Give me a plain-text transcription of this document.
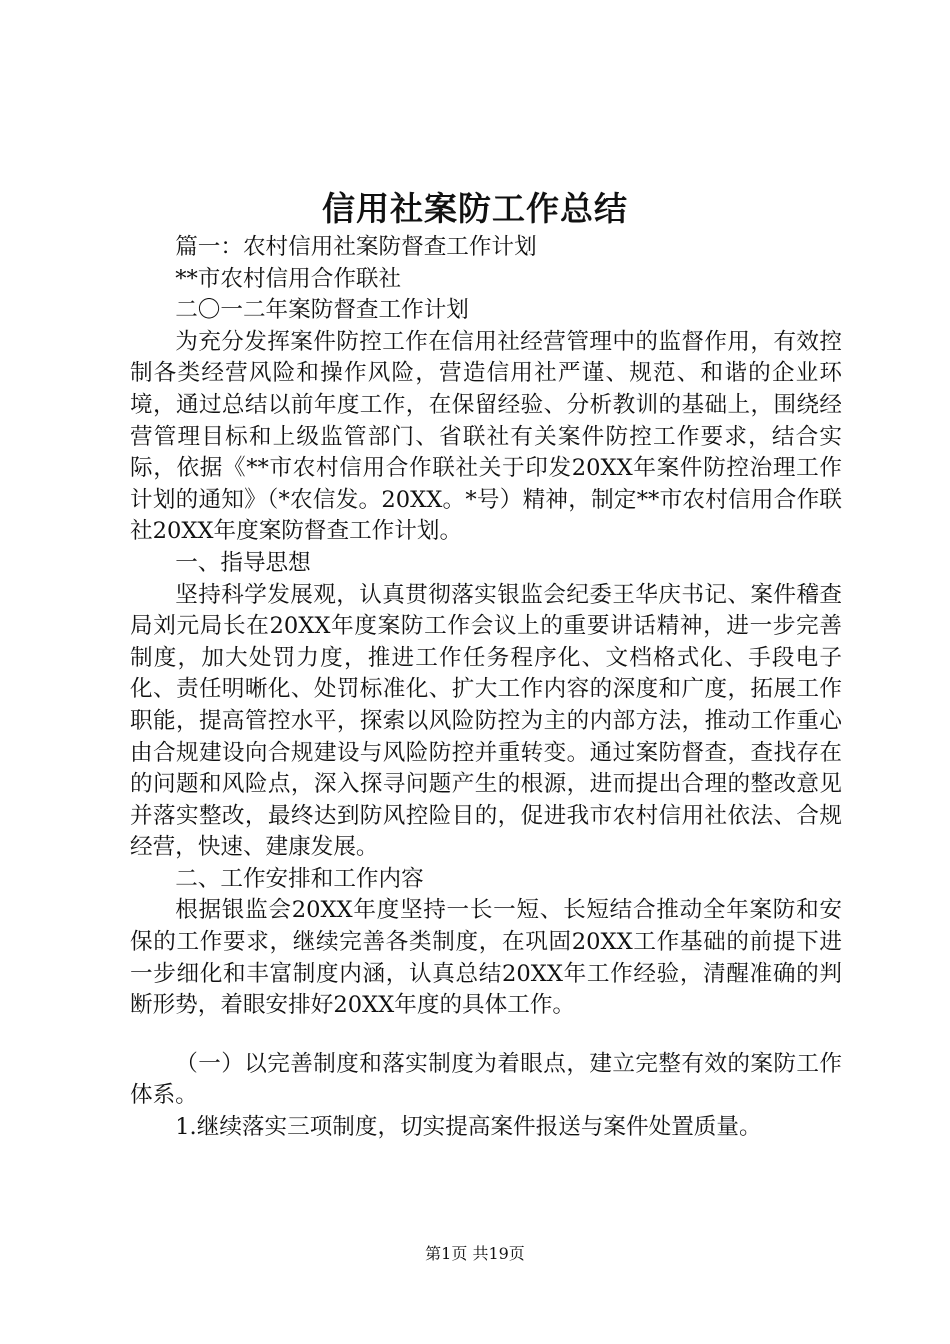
信用社案防工作总结

篇一：农村信用社案防督查工作计划

**市农村信用合作联社

二〇一二年案防督查工作计划

为充分发挥案件防控工作在信用社经营管理中的监督作用，有效控制各类经营风险和操作风险，营造信用社严谨、规范、和谐的企业环境，通过总结以前年度工作，在保留经验、分析教训的基础上，围绕经营管理目标和上级监管部门、省联社有关案件防控工作要求，结合实际，依据《**市农村信用合作联社关于印发20XX年案件防控治理工作计划的通知》（*农信发。20XX。*号）精神，制定**市农村信用合作联社20XX年度案防督查工作计划。

一、指导思想

坚持科学发展观，认真贯彻落实银监会纪委王华庆书记、案件稽查局刘元局长在20XX年度案防工作会议上的重要讲话精神，进一步完善制度，加大处罚力度，推进工作任务程序化、文档格式化、手段电子化、责任明晰化、处罚标准化、扩大工作内容的深度和广度，拓展工作职能，提高管控水平，探索以风险防控为主的内部方法，推动工作重心由合规建设向合规建设与风险防控并重转变。通过案防督查，查找存在的问题和风险点，深入探寻问题产生的根源，进而提出合理的整改意见并落实整改，最终达到防风控险目的，促进我市农村信用社依法、合规经营，快速、建康发展。

二、工作安排和工作内容

根据银监会20XX年度坚持一长一短、长短结合推动全年案防和安保的工作要求，继续完善各类制度，在巩固20XX工作基础的前提下进一步细化和丰富制度内涵，认真总结20XX年工作经验，清醒准确的判断形势，着眼安排好20XX年度的具体工作。

（一）以完善制度和落实制度为着眼点，建立完整有效的案防工作体系。

1.继续落实三项制度，切实提高案件报送与案件处置质量。

第1页 共19页
